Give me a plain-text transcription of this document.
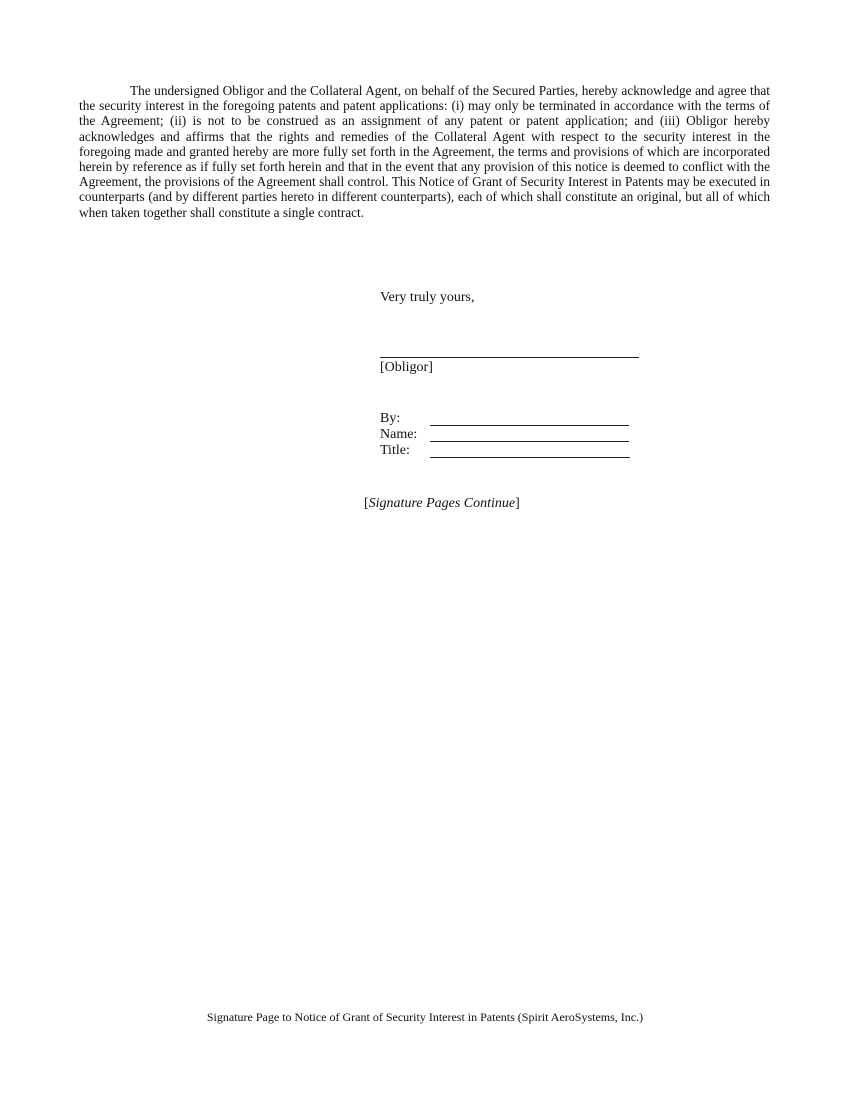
The undersigned Obligor and the Collateral Agent, on behalf of the Secured Parties, hereby acknowledge and agree that the security interest in the foregoing patents and patent applications: (i) may only be terminated in accordance with the terms of the Agreement; (ii) is not to be construed as an assignment of any patent or patent application; and (iii) Obligor hereby acknowledges and affirms that the rights and remedies of the Collateral Agent with respect to the security interest in the foregoing made and granted hereby are more fully set forth in the Agreement, the terms and provisions of which are incorporated herein by reference as if fully set forth herein and that in the event that any provision of this notice is deemed to conflict with the Agreement, the provisions of the Agreement shall control. This Notice of Grant of Security Interest in Patents may be executed in counterparts (and by different parties hereto in different counterparts), each of which shall constitute an original, but all of which when taken together shall constitute a single contract.

Very truly yours,

[Obligor]

By:
Name:
Title:

[Signature Pages Continue]

Signature Page to Notice of Grant of Security Interest in Patents (Spirit AeroSystems, Inc.)
